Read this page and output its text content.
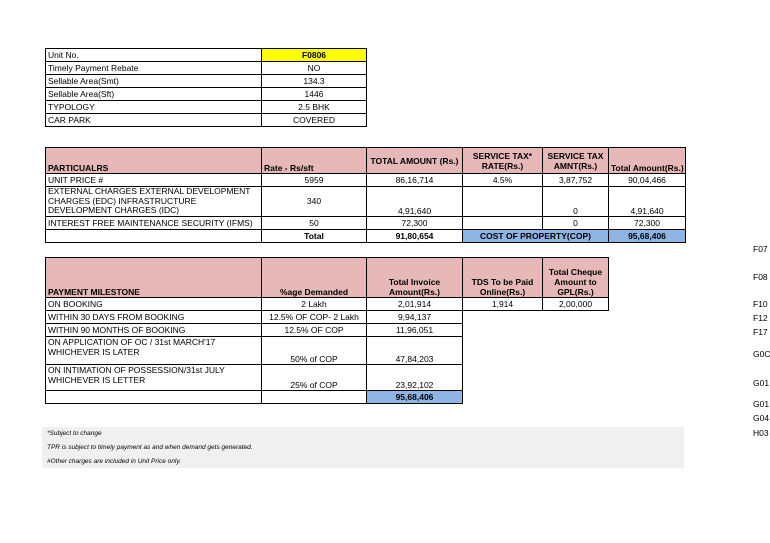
Unit No.	F0806
Timely Payment Rebate	NO
Sellable Area(Smt)	134.3
Sellable Area(Sft)	1446
TYPOLOGY	2.5 BHK
CAR PARK	COVERED
PARTICUALRS	Rate - Rs/sft	TOTAL AMOUNT (Rs.)	SERVICE TAX* RATE(Rs.)	SERVICE TAX AMNT(Rs.)	Total Amount(Rs.)
UNIT PRICE #	5959	86,16,714	4.5%	3,87,752	90,04,466
EXTERNAL CHARGES EXTERNAL DEVELOPMENT CHARGES (EDC) INFRASTRUCTURE DEVELOPMENT CHARGES (IDC)	340	4,91,640		0	4,91,640
INTEREST FREE MAINTENANCE SECURITY (IFMS)	50	72,300		0	72,300
	Total	91,80,654	COST OF PROPERTY(COP)		95,68,406
PAYMENT MILESTONE	%age Demanded	Total Invoice Amount(Rs.)	TDS To be Paid Online(Rs.)	Total Cheque Amount to GPL(Rs.)
ON BOOKING	2 Lakh	2,01,914	1,914	2,00,000
WITHIN 30 DAYS FROM BOOKING	12.5% OF COP- 2 Lakh	9,94,137		
WITHIN 90 MONTHS OF BOOKING	12.5% OF COP	11,96,051		
ON APPLICATION OF OC / 31st MARCH'17 WHICHEVER IS LATER	50% of COP	47,84,203		
ON INTIMATION OF POSSESSION/31st JULY WHICHEVER IS LETTER	25% of COP	23,92,102		
		95,68,406		
F07
F08
F10
F12
F17
G0C
G01
G01
G04
H03
*Subject to change
TPR is subject to timely payment as and when demand gets generated.
#Other charges are included in Unit Price only.
